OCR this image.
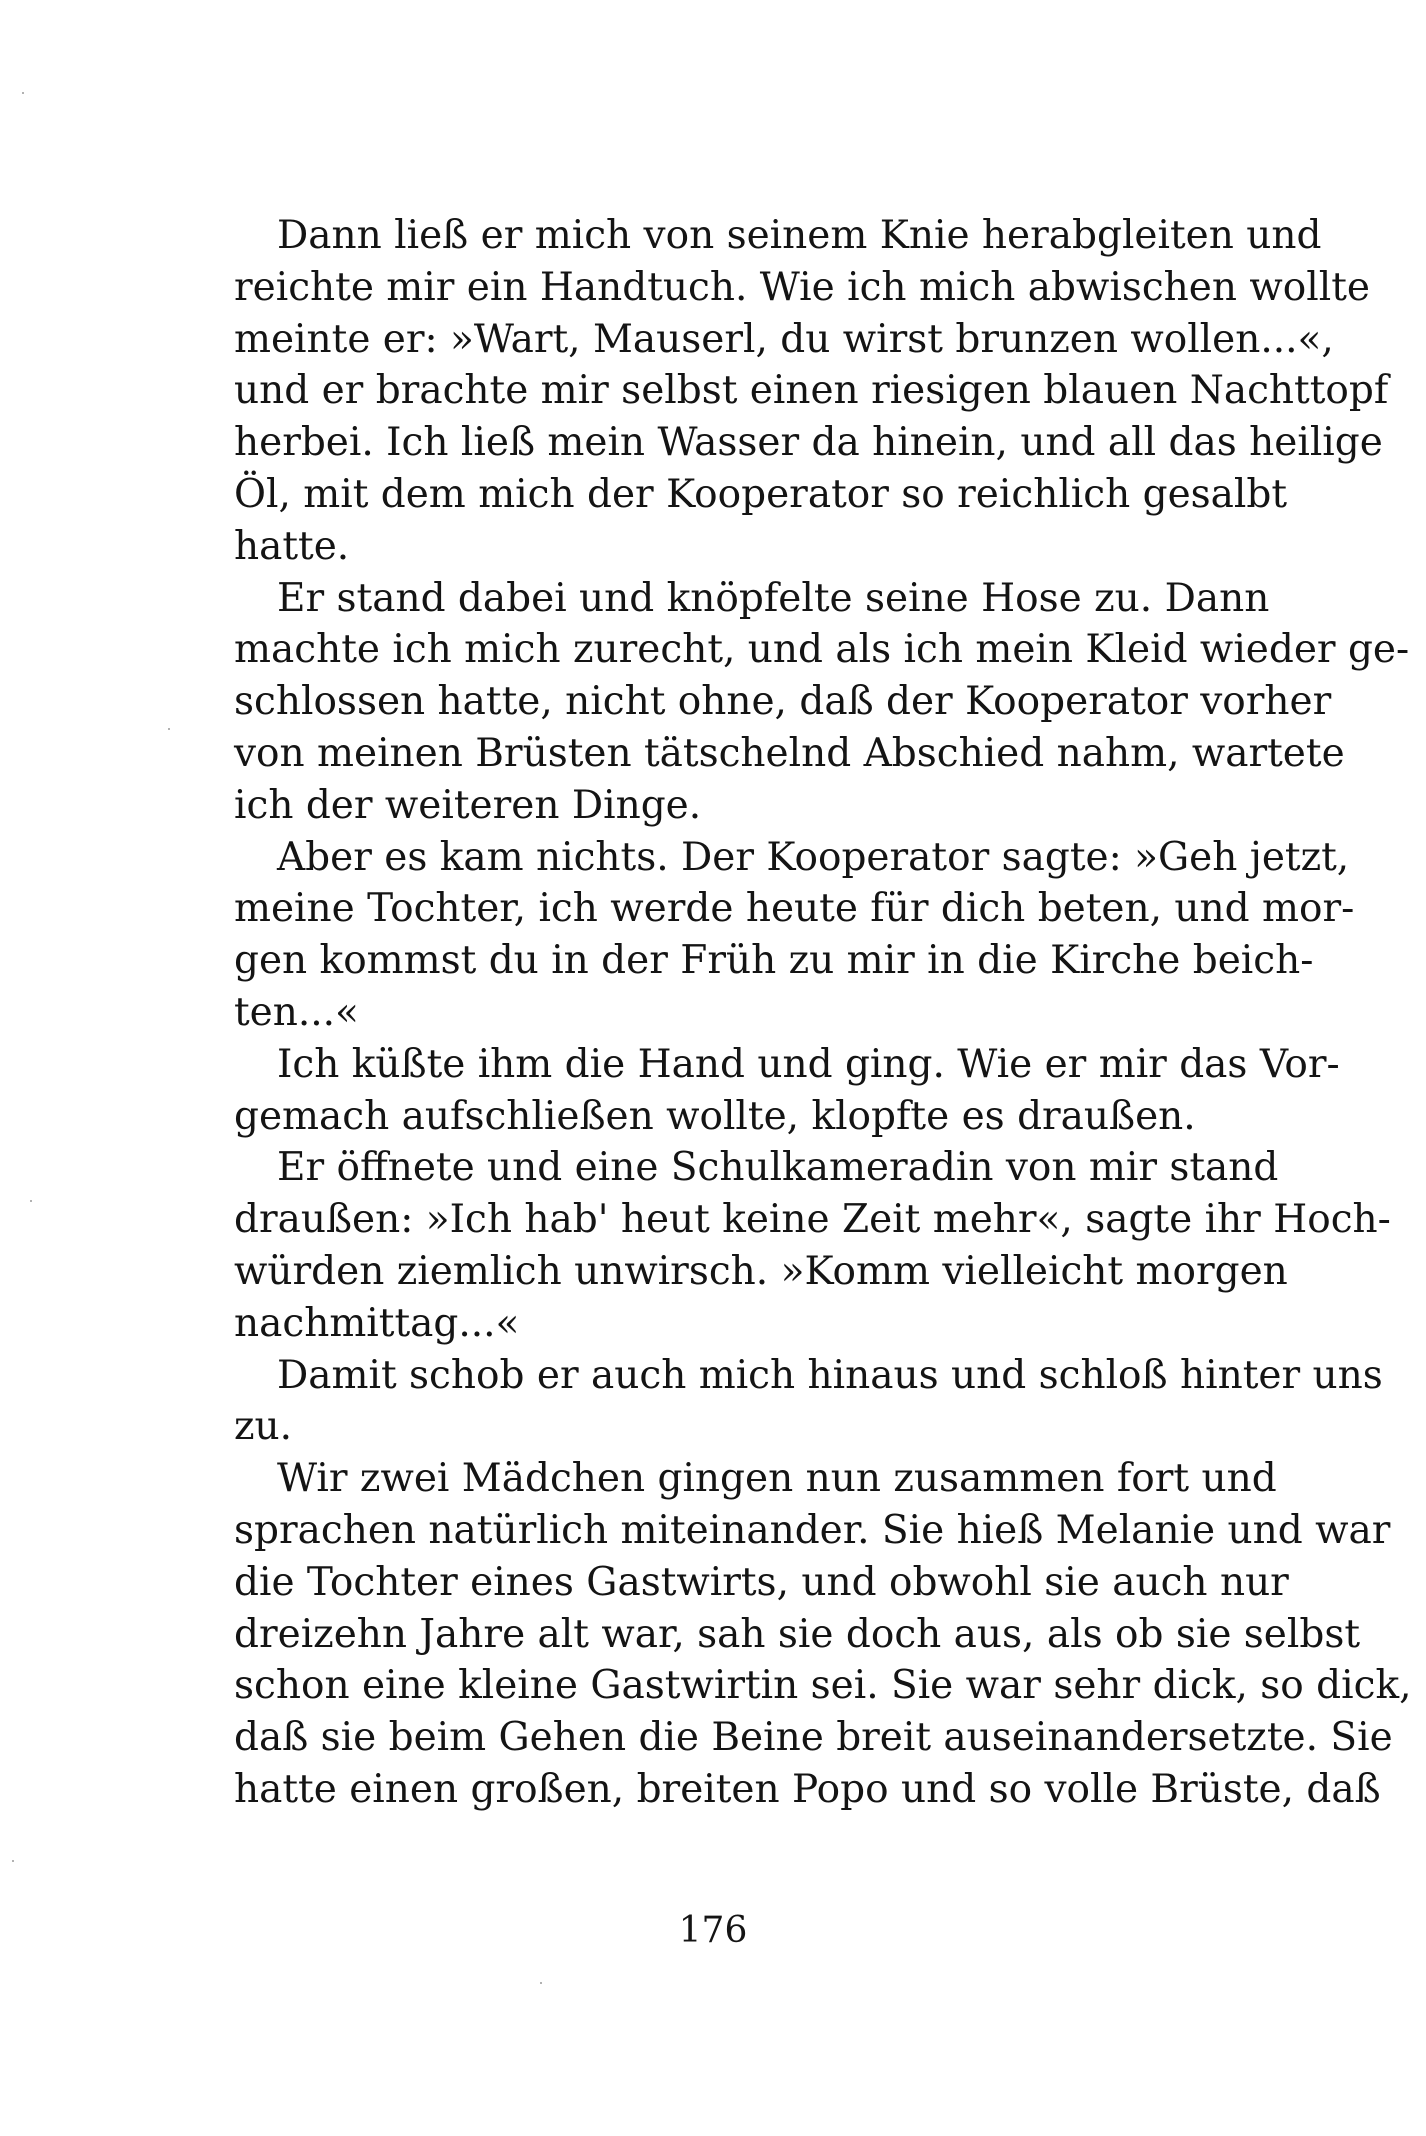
Dann ließ er mich von seinem Knie herabgleiten und
reichte mir ein Handtuch. Wie ich mich abwischen wollte
meinte er: »Wart, Mauserl, du wirst brunzen wollen...«,
und er brachte mir selbst einen riesigen blauen Nachttopf
herbei. Ich ließ mein Wasser da hinein, und all das heilige
Öl, mit dem mich der Kooperator so reichlich gesalbt
hatte.
Er stand dabei und knöpfelte seine Hose zu. Dann
machte ich mich zurecht, und als ich mein Kleid wieder ge-
schlossen hatte, nicht ohne, daß der Kooperator vorher
von meinen Brüsten tätschelnd Abschied nahm, wartete
ich der weiteren Dinge.
Aber es kam nichts. Der Kooperator sagte: »Geh jetzt,
meine Tochter, ich werde heute für dich beten, und mor-
gen kommst du in der Früh zu mir in die Kirche beich-
ten...«
Ich küßte ihm die Hand und ging. Wie er mir das Vor-
gemach aufschließen wollte, klopfte es draußen.
Er öffnete und eine Schulkameradin von mir stand
draußen: »Ich hab' heut keine Zeit mehr«, sagte ihr Hoch-
würden ziemlich unwirsch. »Komm vielleicht morgen
nachmittag...«
Damit schob er auch mich hinaus und schloß hinter uns
zu.
Wir zwei Mädchen gingen nun zusammen fort und
sprachen natürlich miteinander. Sie hieß Melanie und war
die Tochter eines Gastwirts, und obwohl sie auch nur
dreizehn Jahre alt war, sah sie doch aus, als ob sie selbst
schon eine kleine Gastwirtin sei. Sie war sehr dick, so dick,
daß sie beim Gehen die Beine breit auseinandersetzte. Sie
hatte einen großen, breiten Popo und so volle Brüste, daß
176
